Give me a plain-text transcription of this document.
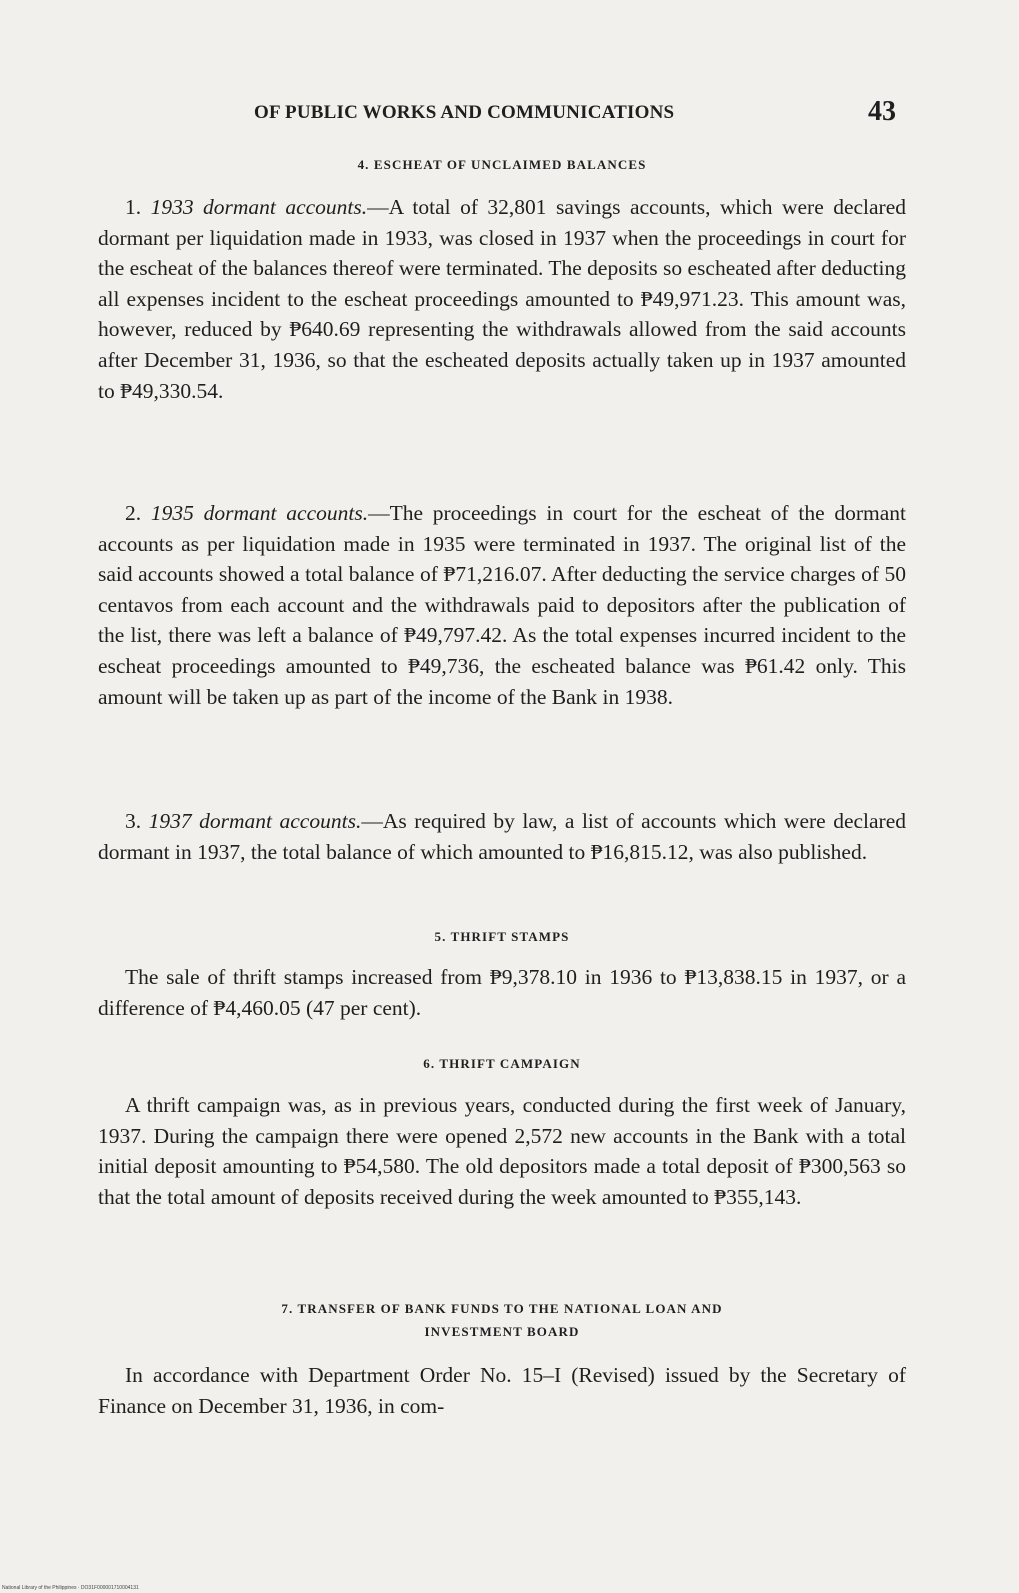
OF PUBLIC WORKS AND COMMUNICATIONS	43
4. ESCHEAT OF UNCLAIMED BALANCES

1. 1933 dormant accounts.—A total of 32,801 savings accounts, which were declared dormant per liquidation made in 1933, was closed in 1937 when the proceedings in court for the escheat of the balances thereof were terminated. The deposits so escheated after deducting all expenses incident to the escheat proceedings amounted to ₱49,971.23. This amount was, however, reduced by ₱640.69 representing the withdrawals allowed from the said accounts after December 31, 1936, so that the escheated deposits actually taken up in 1937 amounted to ₱49,330.54.

2. 1935 dormant accounts.—The proceedings in court for the escheat of the dormant accounts as per liquidation made in 1935 were terminated in 1937. The original list of the said accounts showed a total balance of ₱71,216.07. After deducting the service charges of 50 centavos from each account and the withdrawals paid to depositors after the publication of the list, there was left a balance of ₱49,797.42. As the total expenses incurred incident to the escheat proceedings amounted to ₱49,736, the escheated balance was ₱61.42 only. This amount will be taken up as part of the income of the Bank in 1938.

3. 1937 dormant accounts.—As required by law, a list of accounts which were declared dormant in 1937, the total balance of which amounted to ₱16,815.12, was also published.

5. THRIFT STAMPS

The sale of thrift stamps increased from ₱9,378.10 in 1936 to ₱13,838.15 in 1937, or a difference of ₱4,460.05 (47 per cent).

6. THRIFT CAMPAIGN

A thrift campaign was, as in previous years, conducted during the first week of January, 1937. During the campaign there were opened 2,572 new accounts in the Bank with a total initial deposit amounting to ₱54,580. The old depositors made a total deposit of ₱300,563 so that the total amount of deposits received during the week amounted to ₱355,143.

7. TRANSFER OF BANK FUNDS TO THE NATIONAL LOAN AND
INVESTMENT BOARD

In accordance with Department Order No. 15–I (Revised) issued by the Secretary of Finance on December 31, 1936, in com-

National Library of the Philippines · DO31F000001710004131
